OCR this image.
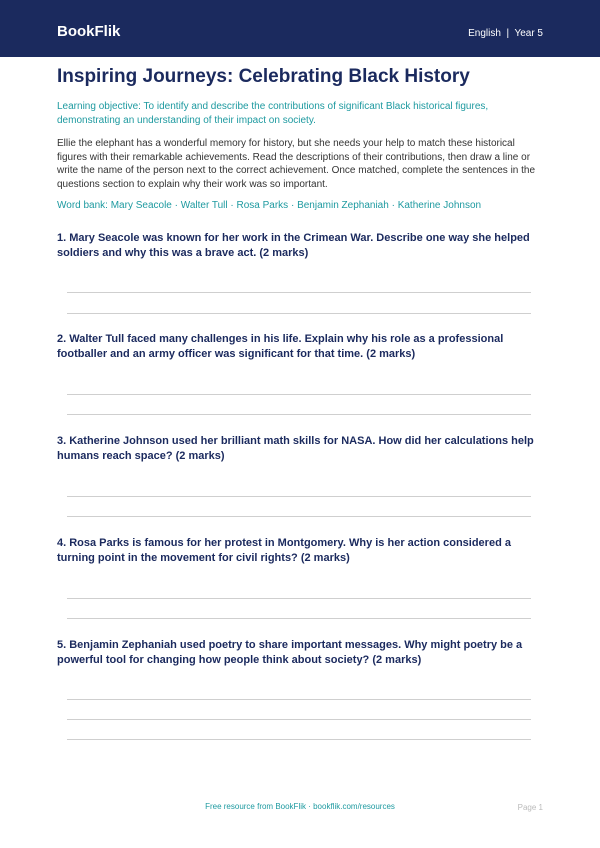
BookFlik	English  |  Year 5
Inspiring Journeys: Celebrating Black History

Learning objective: To identify and describe the contributions of significant Black historical figures, demonstrating an understanding of their impact on society.

Ellie the elephant has a wonderful memory for history, but she needs your help to match these historical figures with their remarkable achievements. Read the descriptions of their contributions, then draw a line or write the name of the person next to the correct achievement. Once matched, complete the sentences in the questions section to explain why their work was so important.

Word bank: Mary Seacole · Walter Tull · Rosa Parks · Benjamin Zephaniah · Katherine Johnson

1. Mary Seacole was known for her work in the Crimean War. Describe one way she helped soldiers and why this was a brave act. (2 marks)

2. Walter Tull faced many challenges in his life. Explain why his role as a professional footballer and an army officer was significant for that time. (2 marks)

3. Katherine Johnson used her brilliant math skills for NASA. How did her calculations help humans reach space? (2 marks)

4. Rosa Parks is famous for her protest in Montgomery. Why is her action considered a turning point in the movement for civil rights? (2 marks)

5. Benjamin Zephaniah used poetry to share important messages. Why might poetry be a powerful tool for changing how people think about society? (2 marks)

Free resource from BookFlik · bookflik.com/resources	Page 1
